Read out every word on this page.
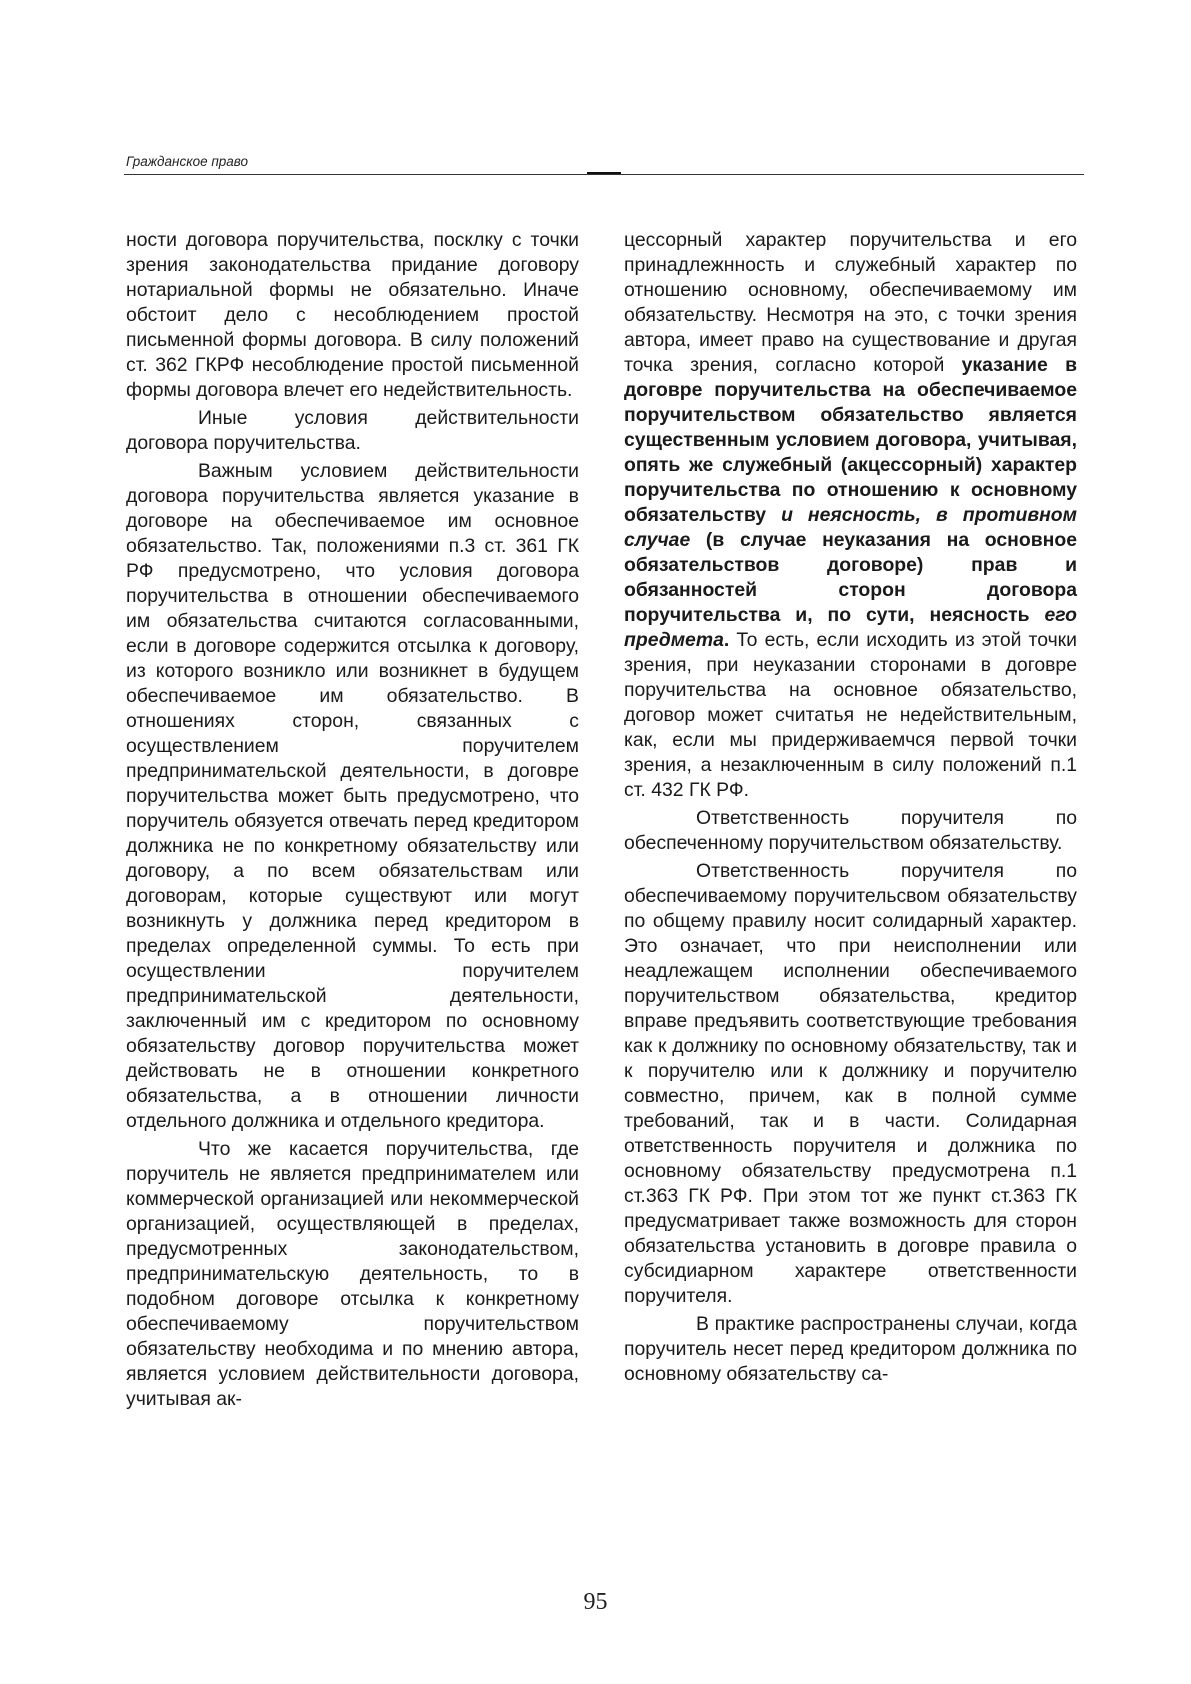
Гражданское право

ности договора поручительства, посклку с точки зрения законодательства придание договору нотариальной формы не обязательно. Иначе обстоит дело с несоблюдением простой письменной формы договора. В силу положений ст. 362 ГКРФ несоблюдение простой письменной формы договора влечет его недействительность.

Иные условия действительности договора поручительства.

Важным условием действительности договора поручительства является указание в договоре на обеспечиваемое им основное обязательство. Так, положениями п.3 ст. 361 ГК РФ предусмотрено, что условия договора поручительства в отношении обеспечиваемого им обязательства считаются согласованными, если в договоре содержится отсылка к договору, из которого возникло или возникнет в будущем обеспечиваемое им обязательство. В отношениях сторон, связанных с осуществлением поручителем предпринимательской деятельности, в договре поручительства может быть предусмотрено, что поручитель обязуется отвечать перед кредитором должника не по конкретному обязательству или договору, а по всем обязательствам или договорам, которые существуют или могут возникнуть у должника перед кредитором в пределах определенной суммы. То есть при осуществлении поручителем предпринимательской деятельности, заключенный им с кредитором по основному обязательству договор поручительства может действовать не в отношении конкретного обязательства, а в отношении личности отдельного должника и отдельного кредитора.

Что же касается поручительства, где поручитель не является предпринимателем или коммерческой организацией или некоммерческой организацией, осуществляющей в пределах, предусмотренных законодательством, предпринимательскую деятельность, то в подобном договоре отсылка к конкретному обеспечиваемому поручительством обязательству необходима и по мнению автора, является условием действительности договора, учитывая ак-

цессорный характер поручительства и его принадлежнность и служебный характер по отношению основному, обеспечиваемому им обязательству. Несмотря на это, с точки зрения автора, имеет право на существование и другая точка зрения, согласно которой указание в договре поручительства на обеспечиваемое поручительством обязательство является существенным условием договора, учитывая, опять же служебный (акцессорный) характер поручительства по отношению к основному обязательству и неясность, в противном случае (в случае неуказания на основное обязательствов договоре) прав и обязанностей сторон договора поручительства и, по сути, неясность его предмета. То есть, если исходить из этой точки зрения, при неуказании сторонами в договре поручительства на основное обязательство, договор может считатья не недействительным, как, если мы придерживаемчся первой точки зрения, а незаключенным в силу положений п.1 ст. 432 ГК РФ.

Ответственность поручителя по обеспеченному поручительством обязательству.

Ответственность поручителя по обеспечиваемому поручительсвом обязательству по общему правилу носит солидарный характер. Это означает, что при неисполнении или неадлежащем исполнении обеспечиваемого поручительством обязательства, кредитор вправе предъявить соответствующие требования как к должнику по основному обязательству, так и к поручителю или к должнику и поручителю совместно, причем, как в полной сумме требований, так и в части. Солидарная ответственность поручителя и должника по основному обязательству предусмотрена п.1 ст.363 ГК РФ. При этом тот же пункт ст.363 ГК предусматривает также возможность для сторон обязательства установить в договре правила о субсидиарном характере ответственности поручителя.

В практике распространены случаи, когда поручитель несет перед кредитором должника по основному обязательству са-

95
